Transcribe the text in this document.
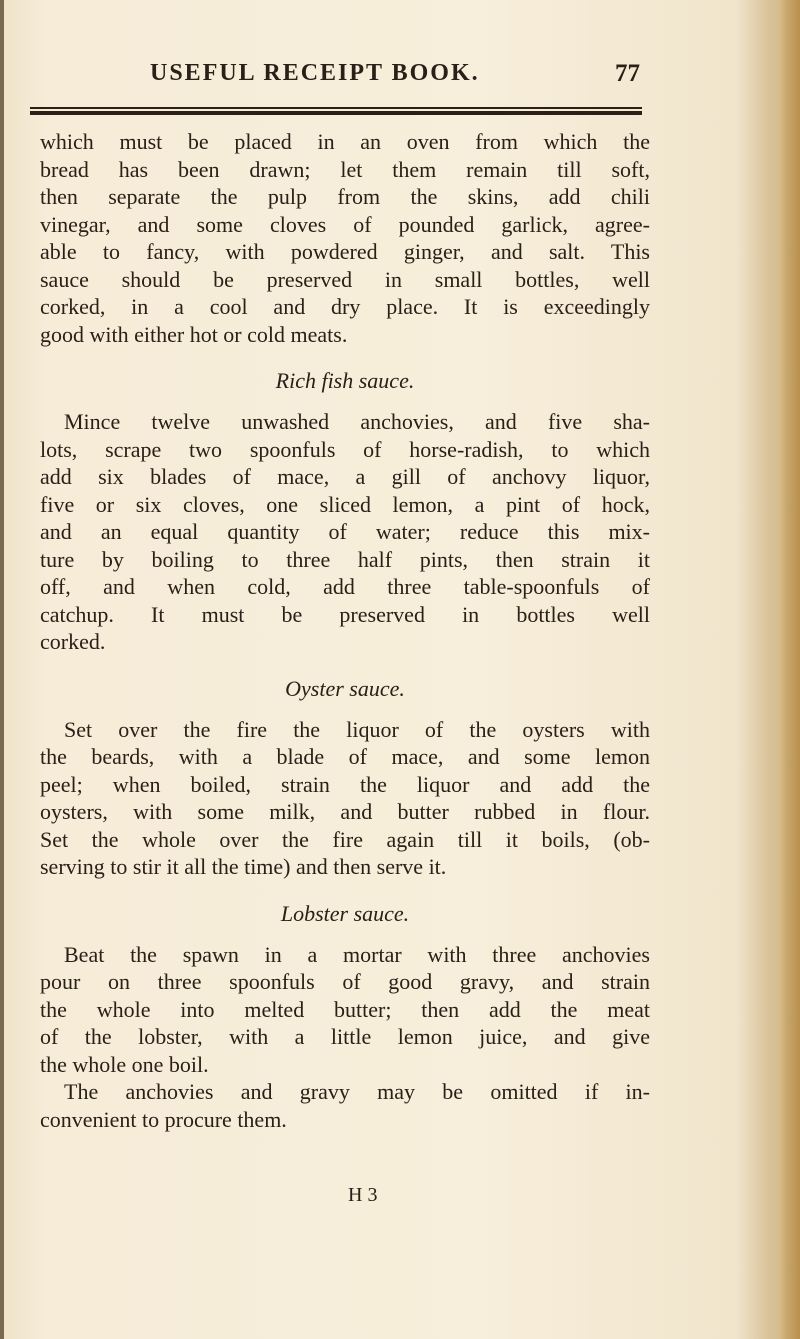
USEFUL RECEIPT BOOK.	77
which must be placed in an oven from which the
bread has been drawn; let them remain till soft,
then separate the pulp from the skins, add chili
vinegar, and some cloves of pounded garlick, agree-
able to fancy, with powdered ginger, and salt. This
sauce should be preserved in small bottles, well
corked, in a cool and dry place. It is exceedingly
good with either hot or cold meats.
Rich fish sauce.
Mince twelve unwashed anchovies, and five sha-
lots, scrape two spoonfuls of horse-radish, to which
add six blades of mace, a gill of anchovy liquor,
five or six cloves, one sliced lemon, a pint of hock,
and an equal quantity of water; reduce this mix-
ture by boiling to three half pints, then strain it
off, and when cold, add three table-spoonfuls of
catchup. It must be preserved in bottles well
corked.
Oyster sauce.
Set over the fire the liquor of the oysters with
the beards, with a blade of mace, and some lemon
peel; when boiled, strain the liquor and add the
oysters, with some milk, and butter rubbed in flour.
Set the whole over the fire again till it boils, (ob-
serving to stir it all the time) and then serve it.
Lobster sauce.
Beat the spawn in a mortar with three anchovies
pour on three spoonfuls of good gravy, and strain
the whole into melted butter; then add the meat
of the lobster, with a little lemon juice, and give
the whole one boil.
The anchovies and gravy may be omitted if in-
convenient to procure them.
H 3
